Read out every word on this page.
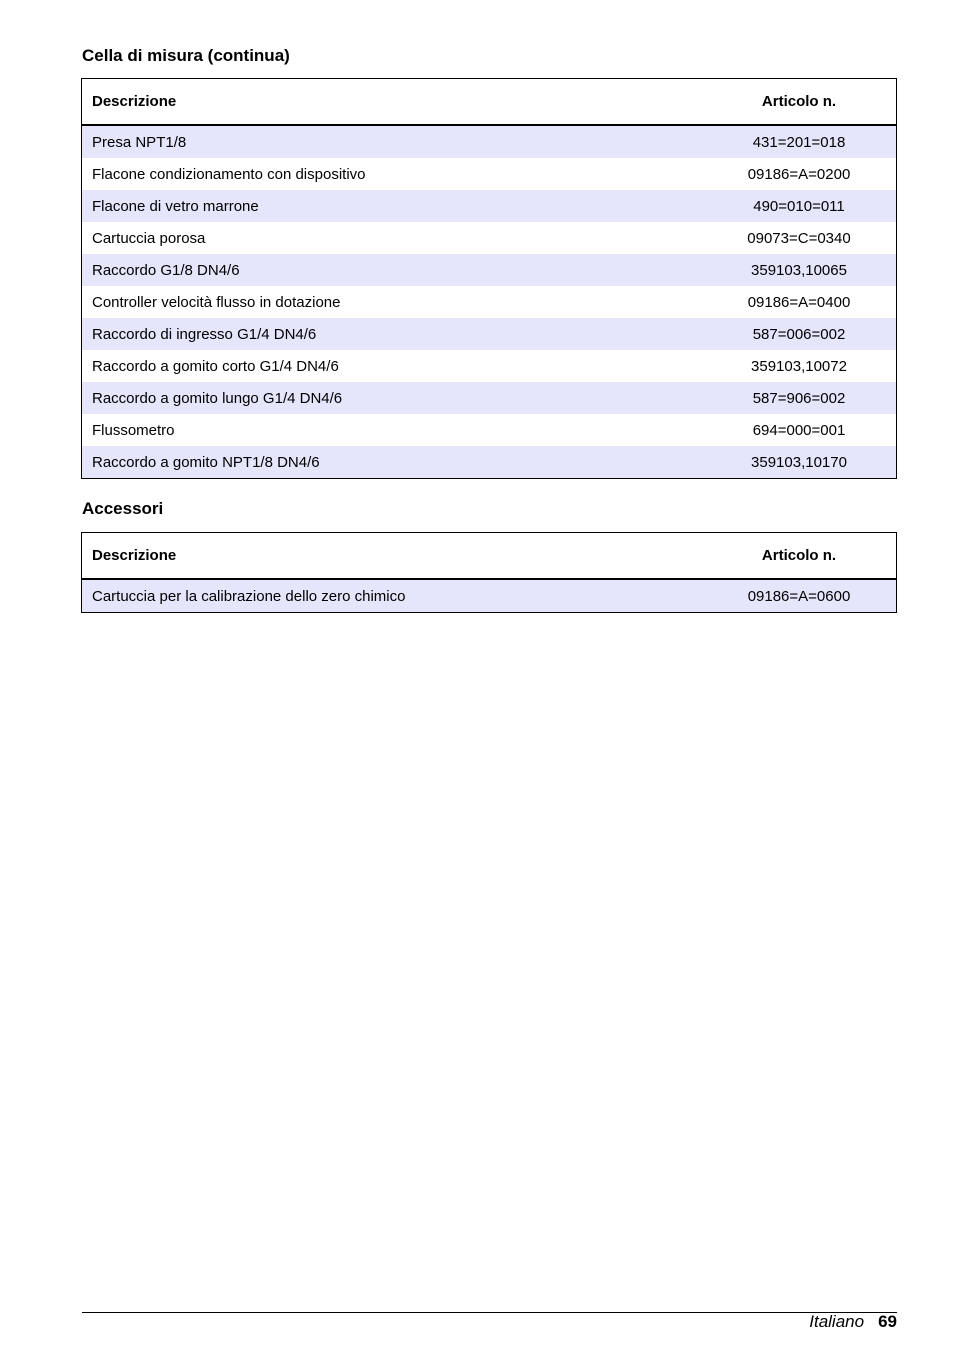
Cella di misura (continua)
Descrizione	Articolo n.
Presa NPT1/8	431=201=018
Flacone condizionamento con dispositivo	09186=A=0200
Flacone di vetro marrone	490=010=011
Cartuccia porosa	09073=C=0340
Raccordo G1/8 DN4/6	359103,10065
Controller velocità flusso in dotazione	09186=A=0400
Raccordo di ingresso G1/4 DN4/6	587=006=002
Raccordo a gomito corto G1/4 DN4/6	359103,10072
Raccordo a gomito lungo G1/4 DN4/6	587=906=002
Flussometro	694=000=001
Raccordo a gomito NPT1/8 DN4/6	359103,10170
Accessori
Descrizione	Articolo n.
Cartuccia per la calibrazione dello zero chimico	09186=A=0600
Italiano 69
